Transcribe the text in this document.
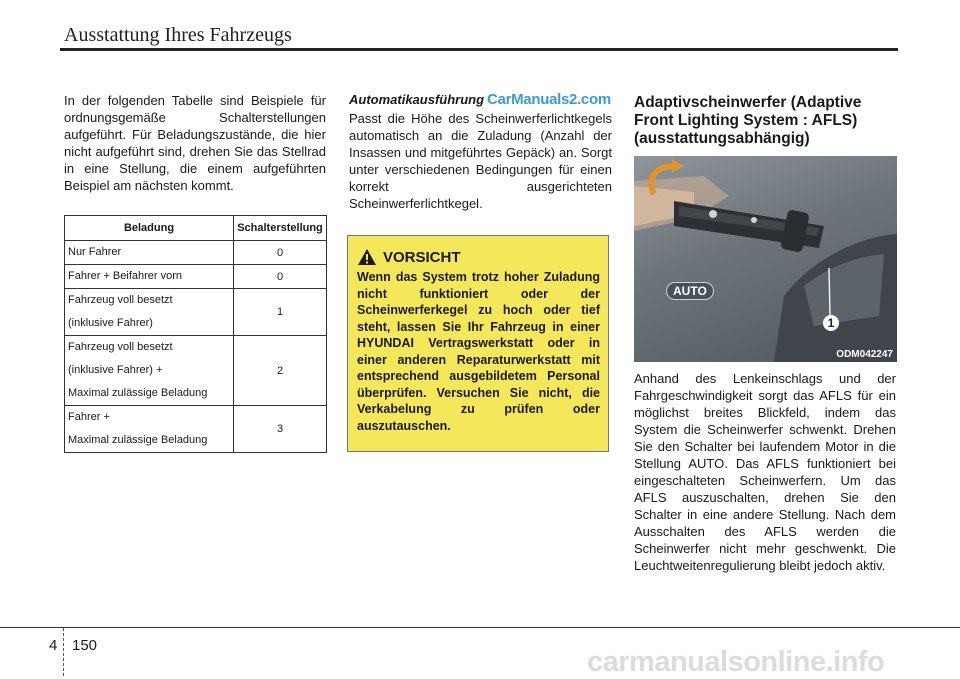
Ausstattung Ihres Fahrzeugs
In der folgenden Tabelle sind Beispiele für ordnungsgemäße Schalterstellungen aufgeführt. Für Beladungszustände, die hier nicht aufgeführt sind, drehen Sie das Stellrad in eine Stellung, die einem aufgeführten Beispiel am nächsten kommt.
Beladung	Schalterstellung
Nur Fahrer	0
Fahrer + Beifahrer vorn	0

Fahrzeug voll besetzt
(inklusive Fahrer)	1

Fahrzeug voll besetzt
(inklusive Fahrer) +
Maximal zulässige Beladung	2

Fahrer +
Maximal zulässige Beladung	3
Automatikausführung CarManuals2.com
Passt die Höhe des Scheinwerferlichtkegels automatisch an die Zuladung (Anzahl der Insassen und mitgeführtes Gepäck) an. Sorgt unter verschiedenen Bedingungen für einen korrekt ausgerichteten Scheinwerferlichtkegel.
VORSICHT
Wenn das System trotz hoher Zuladung nicht funktioniert oder der Scheinwerferkegel zu hoch oder tief steht, lassen Sie Ihr Fahrzeug in einer HYUNDAI Vertragswerkstatt oder in einer anderen Reparaturwerkstatt mit entsprechend ausgebildetem Personal überprüfen. Versuchen Sie nicht, die Verkabelung zu prüfen oder auszutauschen.
Adaptivscheinwerfer (Adaptive Front Lighting System : AFLS) (ausstattungsabhängig)
AUTO
1
ODM042247
Anhand des Lenkeinschlags und der Fahrgeschwindigkeit sorgt das AFLS für ein möglichst breites Blickfeld, indem das System die Scheinwerfer schwenkt. Drehen Sie den Schalter bei laufendem Motor in die Stellung AUTO. Das AFLS funktioniert bei eingeschalteten Scheinwerfern. Um das AFLS auszuschalten, drehen Sie den Schalter in eine andere Stellung. Nach dem Ausschalten des AFLS werden die Scheinwerfer nicht mehr geschwenkt. Die Leuchtweitenregulierung bleibt jedoch aktiv.
4 150
carmanualsonline.info
